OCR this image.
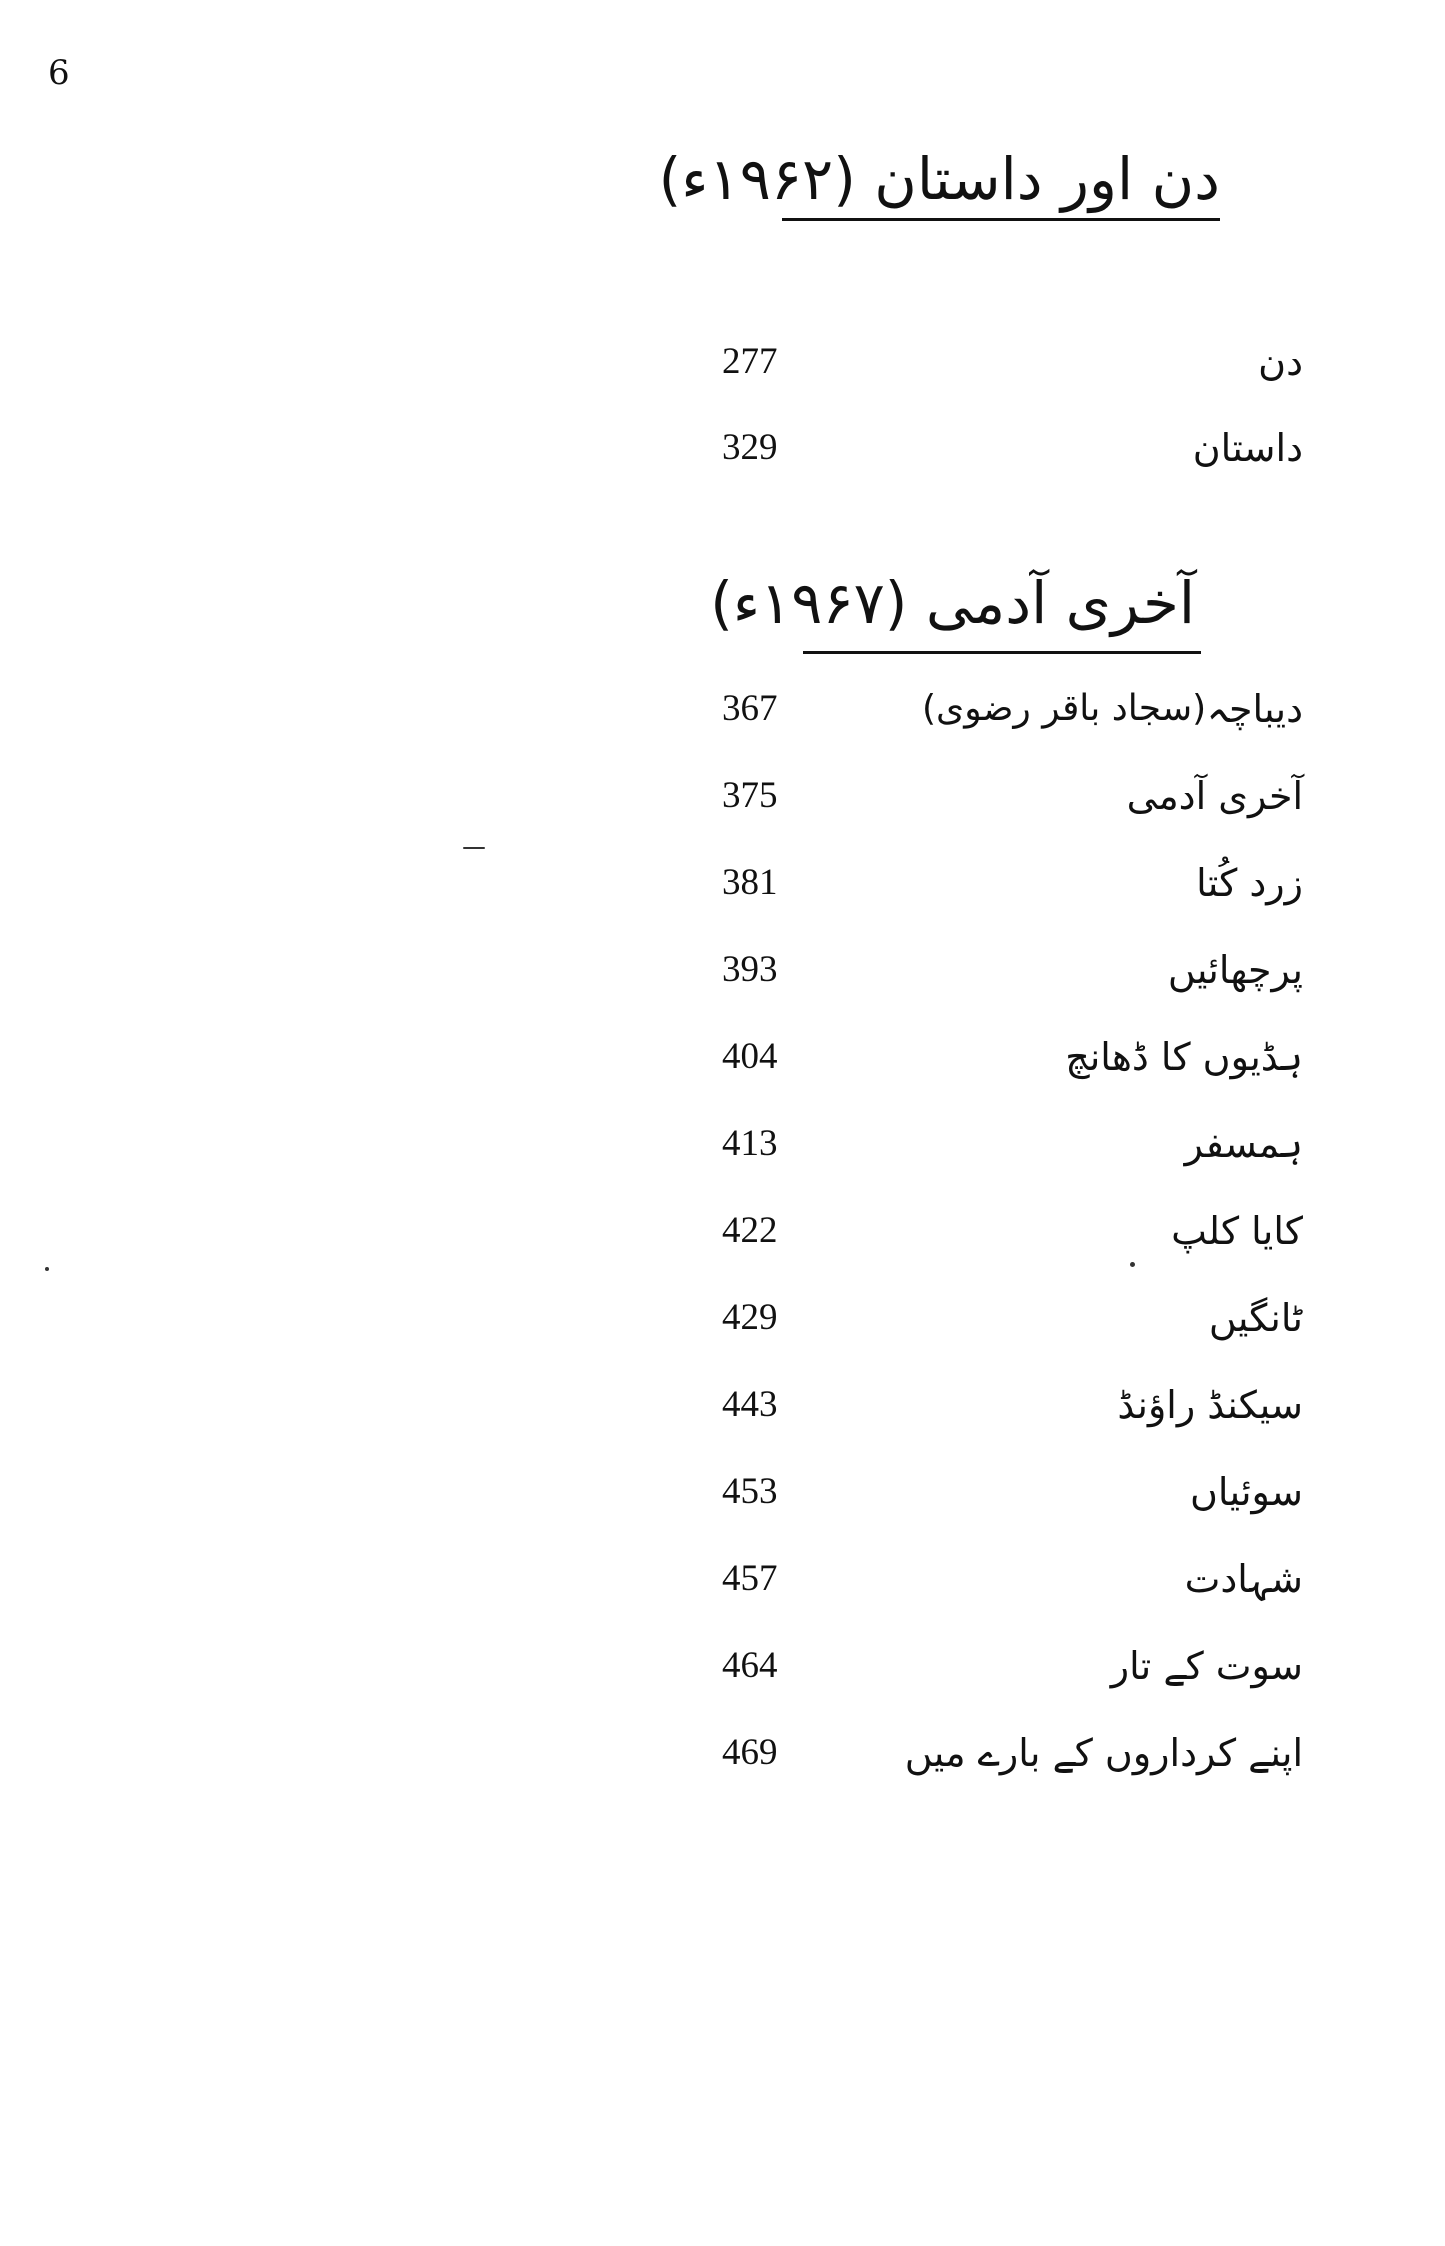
6
دن اور داستان (۱۹۶۲ء)
277	دن
329	داستان
آخری آدمی (۱۹۶۷ء)
367	(سجاد باقر رضوی) دیباچہ
375	آخری آدمی
381	زرد کُتا
393	پرچھائیں
404	ہڈیوں کا ڈھانچ
413	ہمسفر
422	کایا کلپ
429	ٹانگیں
443	سیکنڈ راؤنڈ
453	سوئیاں
457	شہادت
464	سوت کے تار
469	اپنے کرداروں کے بارے میں
